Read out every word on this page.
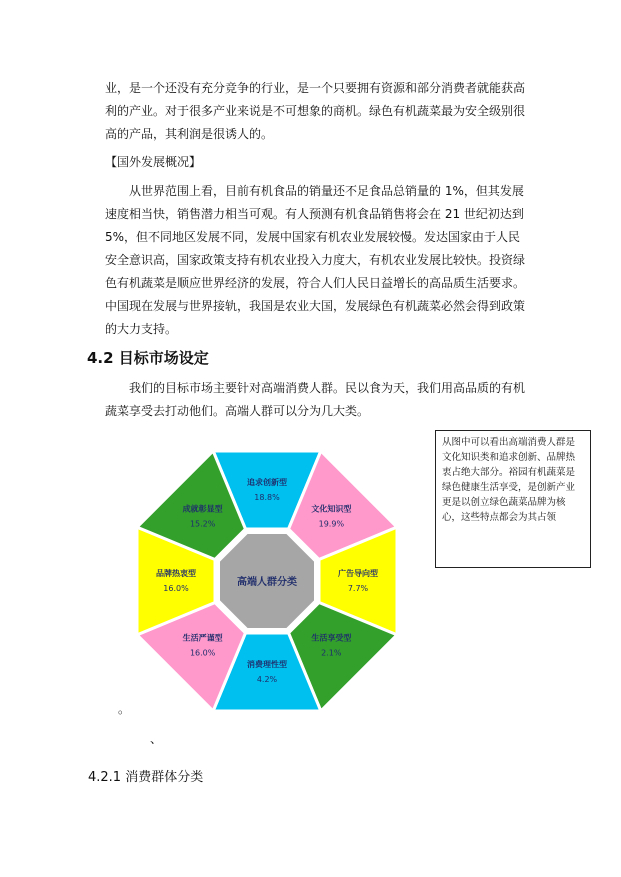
业，是一个还没有充分竞争的行业，是一个只要拥有资源和部分消费者就能获高利的产业。对于很多产业来说是不可想象的商机。绿色有机蔬菜最为安全级别很高的产品，其利润是很诱人的。

【国外发展概况】

从世界范围上看，目前有机食品的销量还不足食品总销量的 1%，但其发展速度相当快，销售潜力相当可观。有人预测有机食品销售将会在 21 世纪初达到 5%，但不同地区发展不同，发展中国家有机农业发展较慢。发达国家由于人民安全意识高，国家政策支持有机农业投入力度大，有机农业发展比较快。投资绿色有机蔬菜是顺应世界经济的发展，符合人们人民日益增长的高品质生活要求。中国现在发展与世界接轨，我国是农业大国，发展绿色有机蔬菜必然会得到政策的大力支持。

4.2 目标市场设定

我们的目标市场主要针对高端消费人群。民以食为天，我们用高品质的有机蔬菜享受去打动他们。高端人群可以分为几大类。

追求创新型
18.8%
文化知识型
19.9%
广告导向型
7.7%
生活享受型
2.1%
消费理性型
4.2%
生活严谨型
16.0%
品牌热衷型
16.0%
成就彰显型
15.2%
高端人群分类
从图中可以看出高端消费人群是文化知识类和追求创新、品牌热衷占绝大部分。裕园有机蔬菜是绿色健康生活享受，是创新产业更是以创立绿色蔬菜品牌为核心，这些特点都会为其占领
。
、
4.2.1 消费群体分类
